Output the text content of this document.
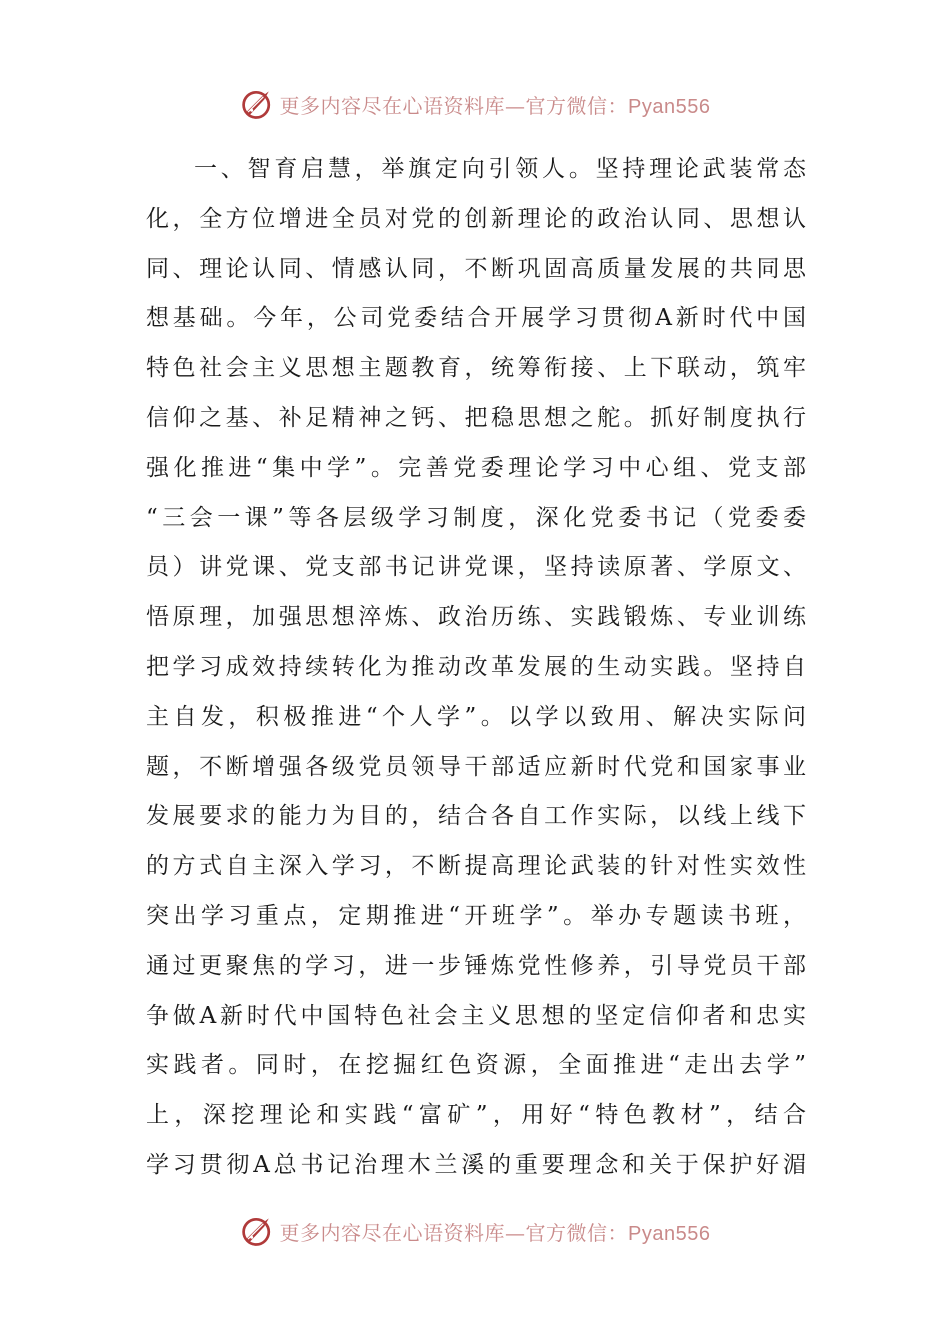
更多内容尽在心语资料库—官方微信：Pyan556
一、智育启慧，举旗定向引领人。坚持理论武装常态
化，全方位增进全员对党的创新理论的政治认同、思想认
同、理论认同、情感认同，不断巩固高质量发展的共同思
想基础。今年，公司党委结合开展学习贯彻A新时代中国
特色社会主义思想主题教育，统筹衔接、上下联动，筑牢
信仰之基、补足精神之钙、把稳思想之舵。抓好制度执行
强化推进“集中学”。完善党委理论学习中心组、党支部
“三会一课”等各层级学习制度，深化党委书记（党委委
员）讲党课、党支部书记讲党课，坚持读原著、学原文、
悟原理，加强思想淬炼、政治历练、实践锻炼、专业训练
把学习成效持续转化为推动改革发展的生动实践。坚持自
主自发，积极推进“个人学”。以学以致用、解决实际问
题，不断增强各级党员领导干部适应新时代党和国家事业
发展要求的能力为目的，结合各自工作实际，以线上线下
的方式自主深入学习，不断提高理论武装的针对性实效性
突出学习重点，定期推进“开班学”。举办专题读书班，
通过更聚焦的学习，进一步锤炼党性修养，引导党员干部
争做A新时代中国特色社会主义思想的坚定信仰者和忠实
实践者。同时，在挖掘红色资源，全面推进“走出去学”
上，深挖理论和实践“富矿”，用好“特色教材”，结合
学习贯彻A总书记治理木兰溪的重要理念和关于保护好湄
更多内容尽在心语资料库—官方微信：Pyan556
